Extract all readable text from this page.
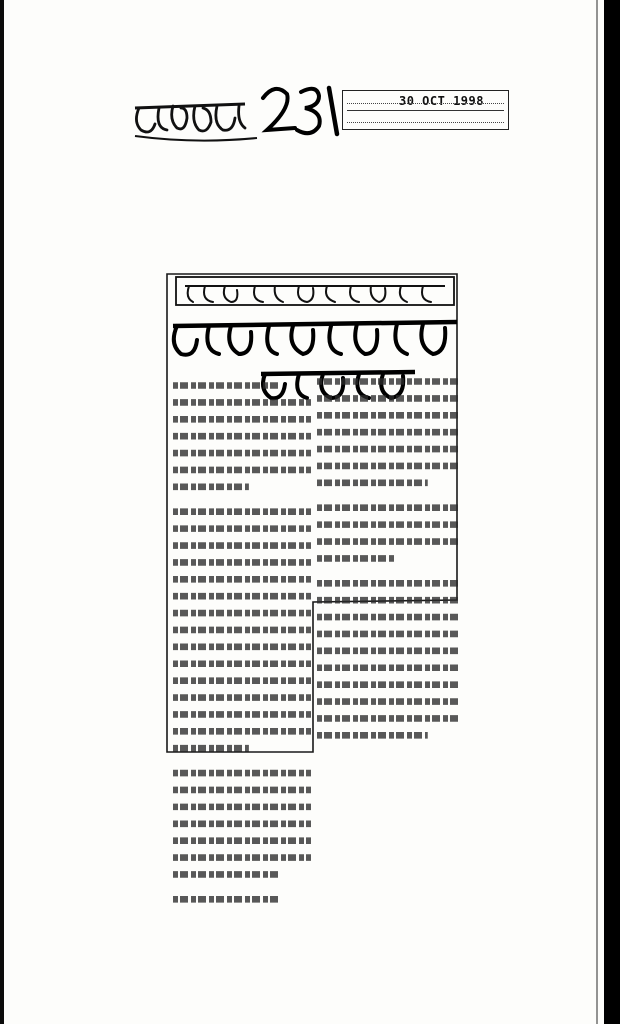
30 OCT 1998
